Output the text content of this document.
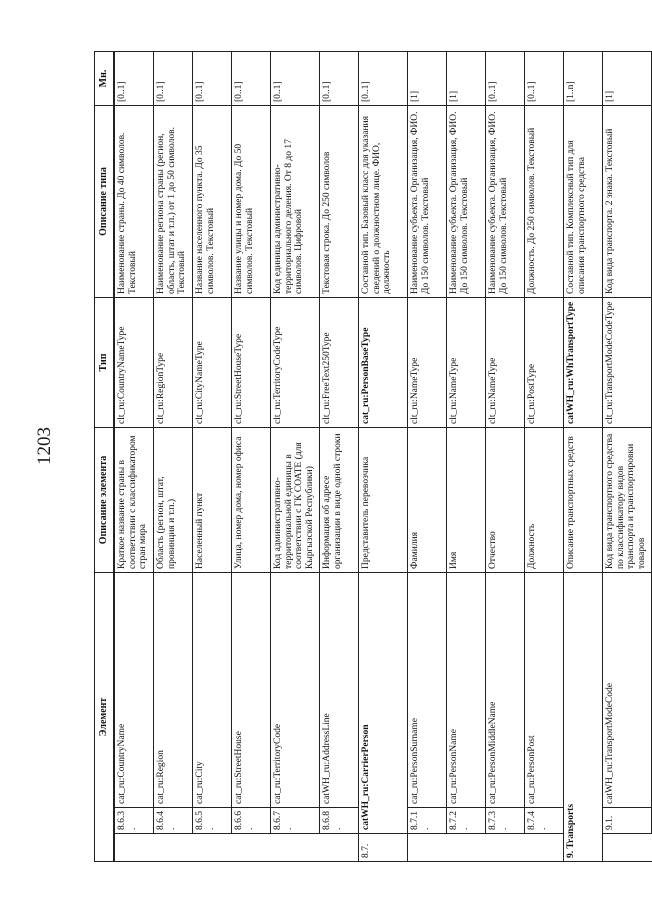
1203
Элемент			Описание элемента	Тип	Описание типа	Мн.
	8.6.3.	cat_ru:CountryName	Краткое название страны в соответствии с классификатором стран мира	clt_ru:CountryNameType	Наименование страны. До 40 символов. Текстовый	[0..1]
	8.6.4.	cat_ru:Region	Область (регион, штат, провинция и т.п.)	clt_ru:RegionType	Наименование региона страны (регион, область, штат и т.п.) от 1 до 50 символов. Текстовый	[0..1]
	8.6.5.	cat_ru:City	Населенный пункт	clt_ru:CityNameType	Название населенного пункта. До 35 символов. Текстовый	[0..1]
	8.6.6.	cat_ru:StreetHouse	Улица, номер дома, номер офиса	clt_ru:StreetHouseType	Название улицы и номер дома. До 50 символов. Текстовый	[0..1]
	8.6.7.	cat_ru:TerritoryCode	Код административно-территориальной единицы в соответствии с ГК СОАТЕ (для Кыргызской Республики)	clt_ru:TerritoryCodeType	Код единицы административно-территориального деления. От 8 до 17 символов. Цифровой	[0..1]
	8.6.8.	catWH_ru:AddressLine	Информация об адресе организации в виде одной строки	clt_ru:FreeText250Type	Текстовая строка. До 250 символов	[0..1]
8.7.	catWH_ru:CarrierPerson		Представитель перевозчика	cat_ru:PersonBaseType	Составной тип. Базовый класс для указания сведений о должностном лице. ФИО, должность	[0..1]
	8.7.1.	cat_ru:PersonSurname	Фамилия	clt_ru:NameType	Наименование субъекта. Организация, ФИО. До 150 символов. Текстовый	[1]
	8.7.2.	cat_ru:PersonName	Имя	clt_ru:NameType	Наименование субъекта. Организация, ФИО. До 150 символов. Текстовый	[1]
	8.7.3.	cat_ru:PersonMiddleName	Отчество	clt_ru:NameType	Наименование субъекта. Организация, ФИО. До 150 символов. Текстовый	[0..1]
	8.7.4.	cat_ru:PersonPost	Должность	clt_ru:PostType	Должность. До 250 символов. Текстовый	[0..1]
9. Transports			Описание транспортных средств	catWH_ru:WhTransportType	Составной тип. Комплексный тип для описания транспортного средства	[1..n]
	9.1.	catWH_ru:TransportModeCode	Код вида транспортного средства по классификатору видов транспорта и транспортировки товаров	clt_ru:TransportModeCodeType	Код вида транспорта. 2 знака. Текстовый	[1]
